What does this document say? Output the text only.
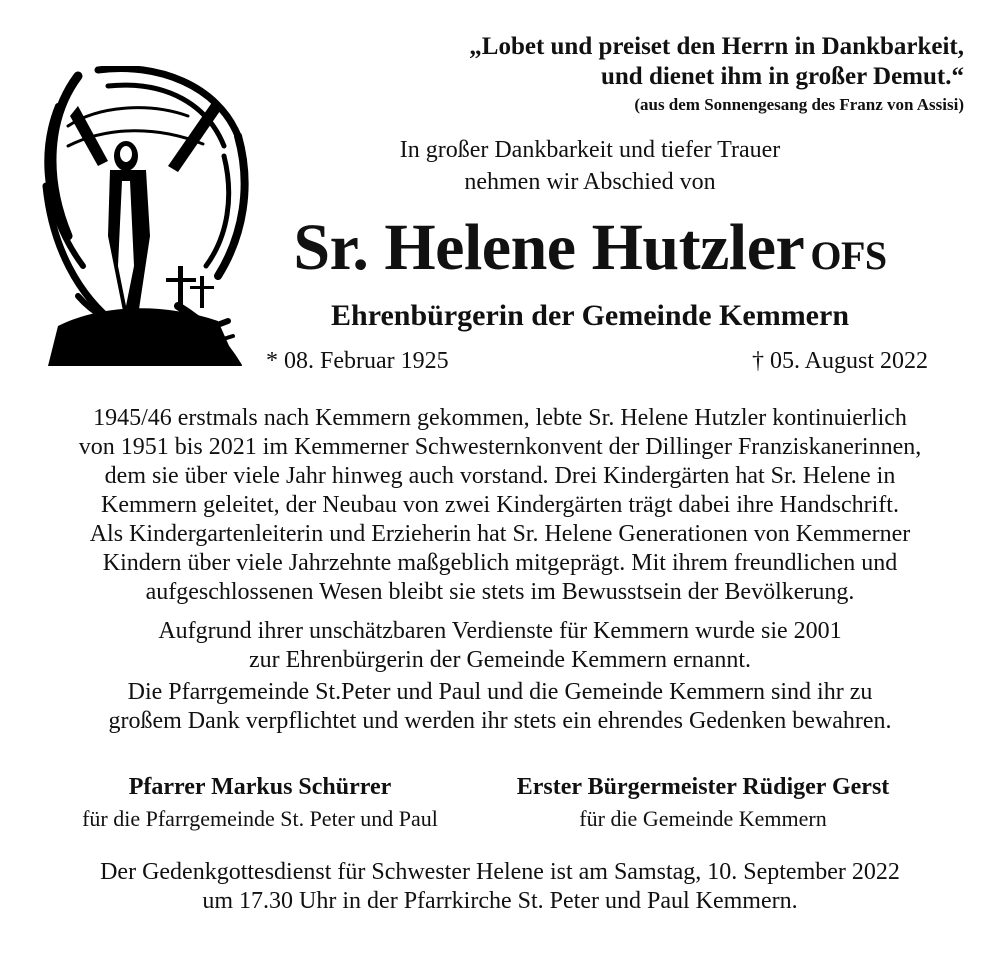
„Lobet und preiset den Herrn in Dankbarkeit,
und dienet ihm in großer Demut.“
(aus dem Sonnengesang des Franz von Assisi)
In großer Dankbarkeit und tiefer Trauer
nehmen wir Abschied von
Sr. Helene Hutzler OFS
Ehrenbürgerin der Gemeinde Kemmern
* 08. Februar 1925	† 05. August 2022
1945/46 erstmals nach Kemmern gekommen, lebte Sr. Helene Hutzler kontinuierlich
von 1951 bis 2021 im Kemmerner Schwesternkonvent der Dillinger Franziskanerinnen,
dem sie über viele Jahr hinweg auch vorstand. Drei Kindergärten hat Sr. Helene in
Kemmern geleitet, der Neubau von zwei Kindergärten trägt dabei ihre Handschrift.
Als Kindergartenleiterin und Erzieherin hat Sr. Helene Generationen von Kemmerner
Kindern über viele Jahrzehnte maßgeblich mitgeprägt. Mit ihrem freundlichen und
aufgeschlossenen Wesen bleibt sie stets im Bewusstsein der Bevölkerung.
Aufgrund ihrer unschätzbaren Verdienste für Kemmern wurde sie 2001
zur Ehrenbürgerin der Gemeinde Kemmern ernannt.
Die Pfarrgemeinde St.Peter und Paul und die Gemeinde Kemmern sind ihr zu
großem Dank verpflichtet und werden ihr stets ein ehrendes Gedenken bewahren.
Pfarrer Markus Schürrer
für die Pfarrgemeinde St. Peter und Paul
Erster Bürgermeister Rüdiger Gerst
für die Gemeinde Kemmern
Der Gedenkgottesdienst für Schwester Helene ist am Samstag, 10. September 2022
um 17.30 Uhr in der Pfarrkirche St. Peter und Paul Kemmern.
